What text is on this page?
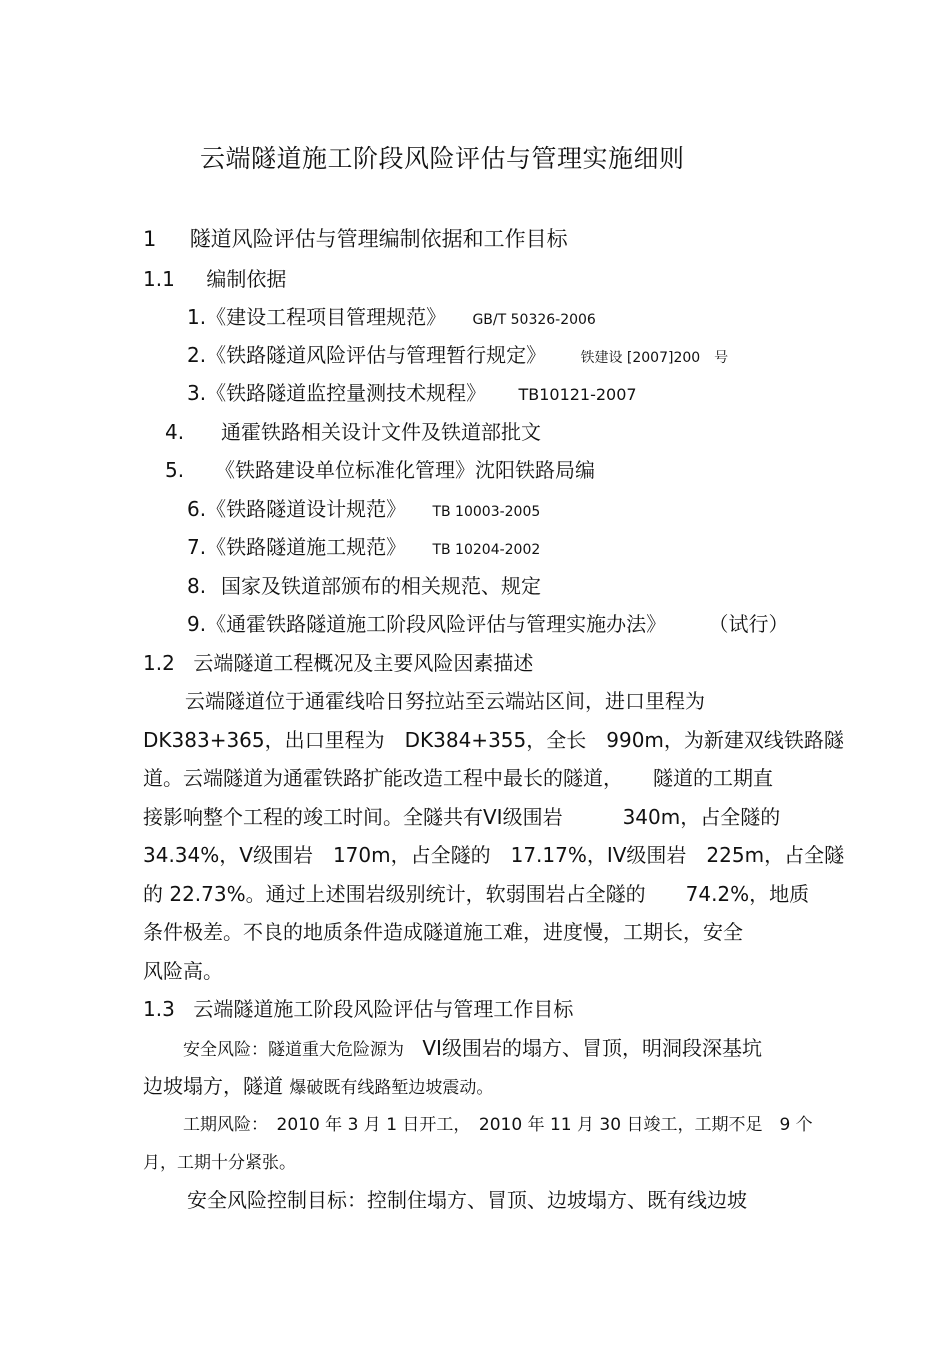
云端隧道施工阶段风险评估与管理实施细则
1 隧道风险评估与管理编制依据和工作目标
1.1 编制依据
1.《建设工程项目管理规范》 GB/T 50326-2006
2.《铁路隧道风险评估与管理暂行规定》 铁建设 [2007]200　号
3.《铁路隧道监控量测技术规程》 TB10121-2007
4. 通霍铁路相关设计文件及铁道部批文
5. 《铁路建设单位标准化管理》沈阳铁路局编
6.《铁路隧道设计规范》 TB 10003-2005
7.《铁路隧道施工规范》 TB 10204-2002
8. 国家及铁道部颁布的相关规范、规定
9.《通霍铁路隧道施工阶段风险评估与管理实施办法》 （试行）
1.2 云端隧道工程概况及主要风险因素描述
云端隧道位于通霍线哈日努拉站至云端站区间，进口里程为
DK383+365，出口里程为　DK384+355，全长　990m，为新建双线铁路隧
道。云端隧道为通霍铁路扩能改造工程中最长的隧道，　　隧道的工期直
接影响整个工程的竣工时间。全隧共有VI级围岩　　　340m，占全隧的
34.34%，Ⅴ级围岩　170m，占全隧的　17.17%，IV级围岩　225m，占全隧
的 22.73%。通过上述围岩级别统计，软弱围岩占全隧的　　74.2%，地质
条件极差。不良的地质条件造成隧道施工难，进度慢，工期长，安全
风险高。
1.3 云端隧道施工阶段风险评估与管理工作目标
安全风险：隧道重大危险源为 VI级围岩的塌方、冒顶，明洞段深基坑
边坡塌方，隧道 爆破既有线路堑边坡震动。
工期风险：　2010 年 3 月 1 日开工，　2010 年 11 月 30 日竣工，工期不足　9 个
月，工期十分紧张。
安全风险控制目标：控制住塌方、冒顶、边坡塌方、既有线边坡
